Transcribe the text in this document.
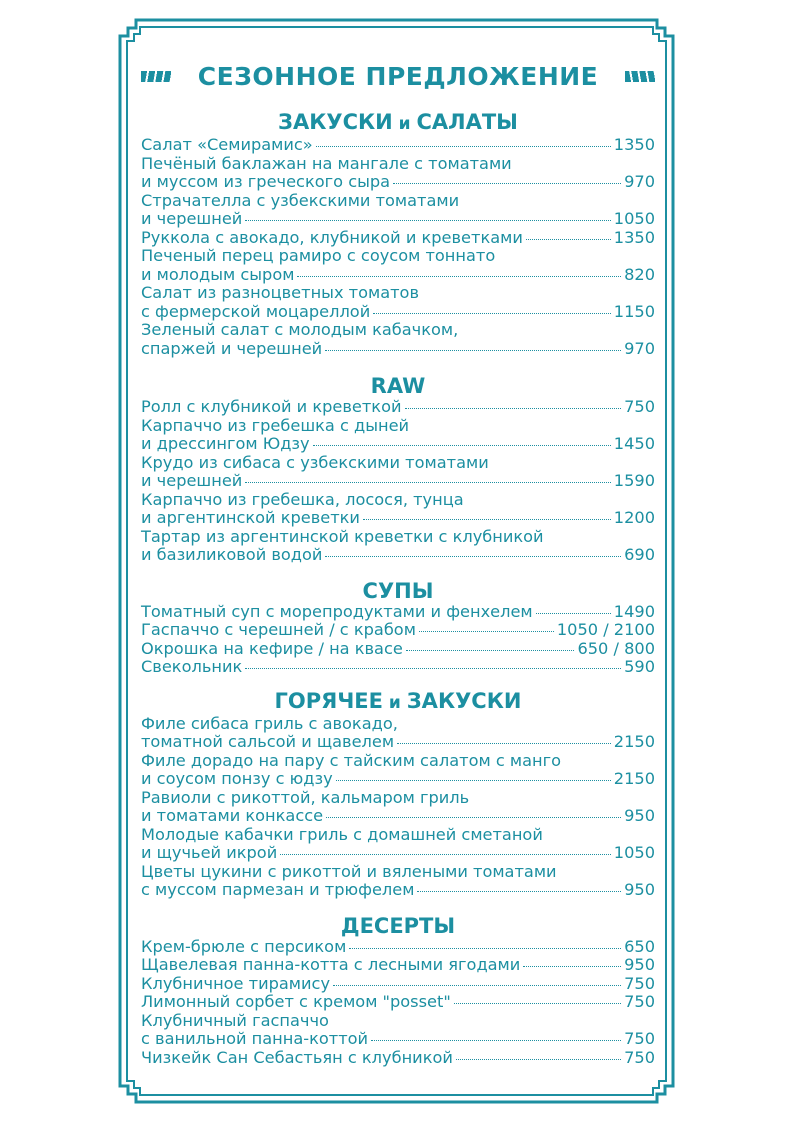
СЕЗОННОЕ ПРЕДЛОЖЕНИЕ
ЗАКУСКИ и САЛАТЫ
Салат «Семирамис»	1350
Печёный баклажан на мангале с томатами
и муссом из греческого сыра	970
Страчателла с узбекскими томатами
и черешней	1050
Руккола с авокадо, клубникой и креветками	1350
Печеный перец рамиро с соусом тоннато
и молодым сыром	820
Салат из разноцветных томатов
с фермерской моцареллой	1150
Зеленый салат с молодым кабачком,
спаржей и черешней	970
RAW
Ролл с клубникой и креветкой	750
Карпаччо из гребешка с дыней
и дрессингом Юдзу	1450
Крудо из сибаса с узбекскими томатами
и черешней	1590
Карпаччо из гребешка, лосося, тунца
и аргентинской креветки	1200
Тартар из аргентинской креветки с клубникой
и базиликовой водой	690
СУПЫ
Томатный суп с морепродуктами и фенхелем	1490
Гаспаччо с черешней / с крабом	1050 / 2100
Окрошка на кефире / на квасе	650 / 800
Свекольник	590
ГОРЯЧЕЕ и ЗАКУСКИ
Филе сибаса гриль с авокадо,
томатной сальсой и щавелем	2150
Филе дорадо на пару с тайским салатом с манго
и соусом понзу с юдзу	2150
Равиоли с рикоттой, кальмаром гриль
и томатами конкассе	950
Молодые кабачки гриль с домашней сметаной
и щучьей икрой	1050
Цветы цукини с рикоттой и вялеными томатами
с муссом пармезан и трюфелем	950
ДЕСЕРТЫ
Крем-брюле с персиком	650
Щавелевая панна-котта с лесными ягодами	950
Клубничное тирамису	750
Лимонный сорбет с кремом "posset"	750
Клубничный гаспаччо
с ванильной панна-коттой	750
Чизкейк Сан Себастьян с клубникой	750
